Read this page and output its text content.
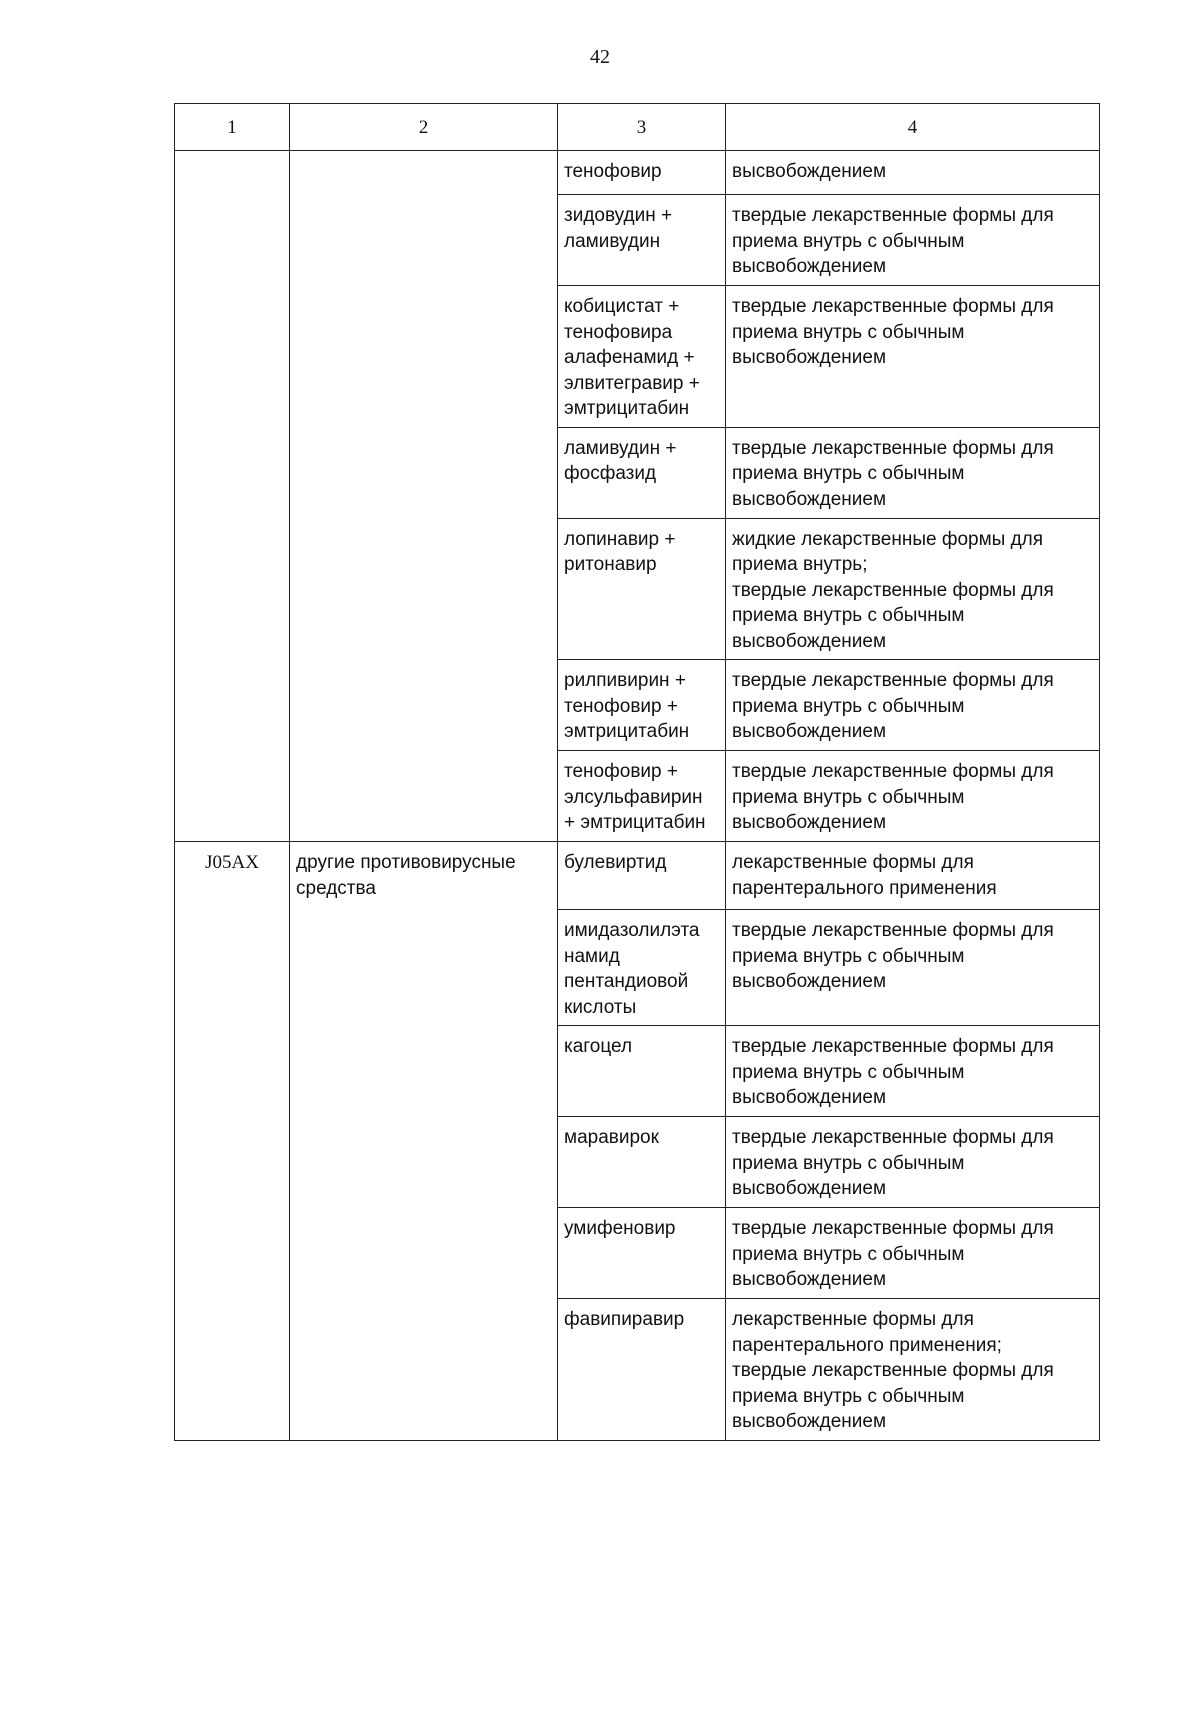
42
1	2	3	4

		тенофовир	высвобождением

		зидовудин +
ламивудин	твердые лекарственные формы для
приема внутрь с обычным
высвобождением

		кобицистат +
тенофовира
алафенамид +
элвитегравир +
эмтрицитабин	твердые лекарственные формы для
приема внутрь с обычным
высвобождением

		ламивудин +
фосфазид	твердые лекарственные формы для
приема внутрь с обычным
высвобождением

		лопинавир +
ритонавир	жидкие лекарственные формы для
приема внутрь;
твердые лекарственные формы для
приема внутрь с обычным
высвобождением

		рилпивирин +
тенофовир +
эмтрицитабин	твердые лекарственные формы для
приема внутрь с обычным
высвобождением

		тенофовир +
элсульфавирин
+ эмтрицитабин	твердые лекарственные формы для
приема внутрь с обычным
высвобождением

J05AX	другие противовирусные
средства	булевиртид	лекарственные формы для
парентерального применения

		имидазолилэта
намид
пентандиовой
кислоты	твердые лекарственные формы для
приема внутрь с обычным
высвобождением

		кагоцел	твердые лекарственные формы для
приема внутрь с обычным
высвобождением

		маравирок	твердые лекарственные формы для
приема внутрь с обычным
высвобождением

		умифеновир	твердые лекарственные формы для
приема внутрь с обычным
высвобождением

		фавипиравир	лекарственные формы для
парентерального применения;
твердые лекарственные формы для
приема внутрь с обычным
высвобождением
